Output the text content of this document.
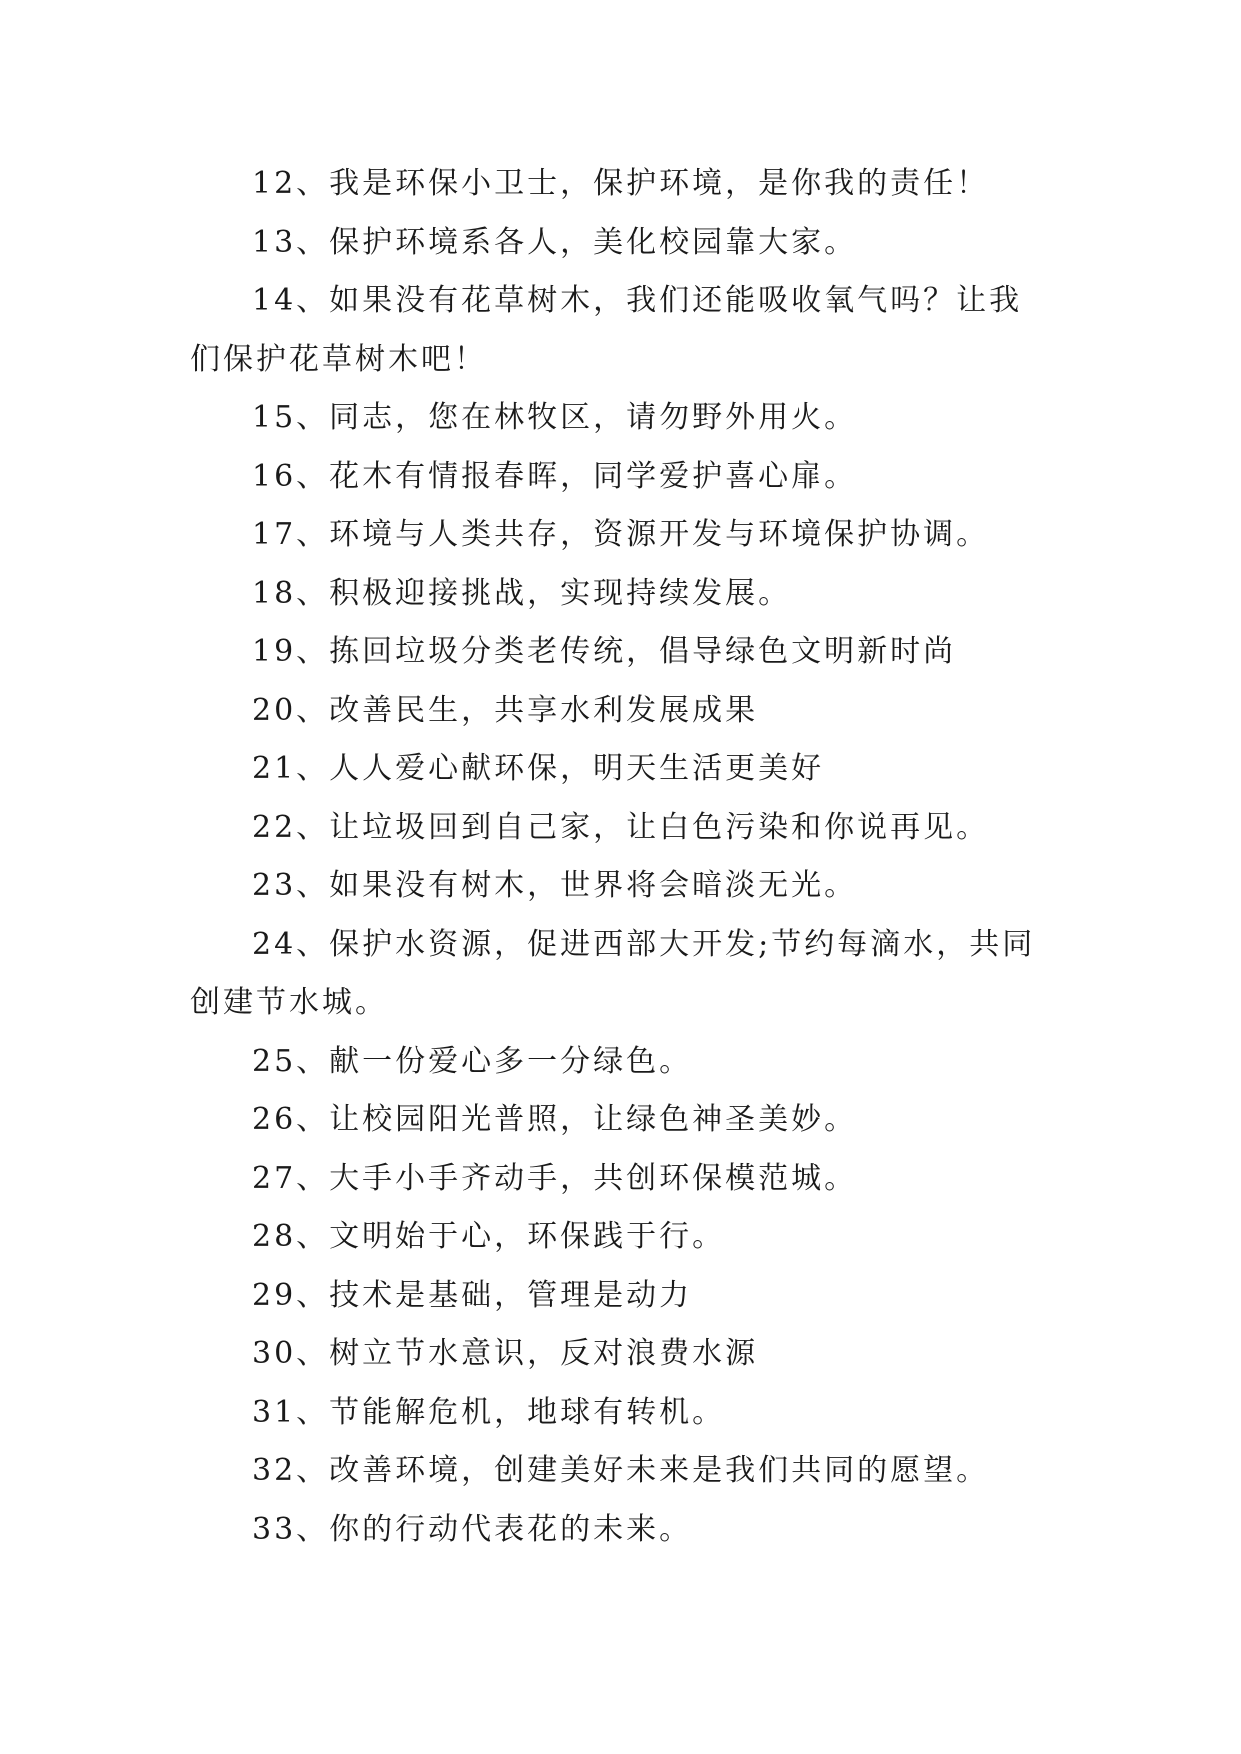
12、我是环保小卫士，保护环境，是你我的责任！

13、保护环境系各人，美化校园靠大家。

14、如果没有花草树木，我们还能吸收氧气吗？让我们保护花草树木吧！

15、同志，您在林牧区，请勿野外用火。

16、花木有情报春晖，同学爱护喜心扉。

17、环境与人类共存，资源开发与环境保护协调。

18、积极迎接挑战，实现持续发展。

19、拣回垃圾分类老传统，倡导绿色文明新时尚

20、改善民生，共享水利发展成果

21、人人爱心献环保，明天生活更美好

22、让垃圾回到自己家，让白色污染和你说再见。

23、如果没有树木，世界将会暗淡无光。

24、保护水资源，促进西部大开发;节约每滴水，共同创建节水城。

25、献一份爱心多一分绿色。

26、让校园阳光普照，让绿色神圣美妙。

27、大手小手齐动手，共创环保模范城。

28、文明始于心，环保践于行。

29、技术是基础，管理是动力

30、树立节水意识，反对浪费水源

31、节能解危机，地球有转机。

32、改善环境，创建美好未来是我们共同的愿望。

33、你的行动代表花的未来。
